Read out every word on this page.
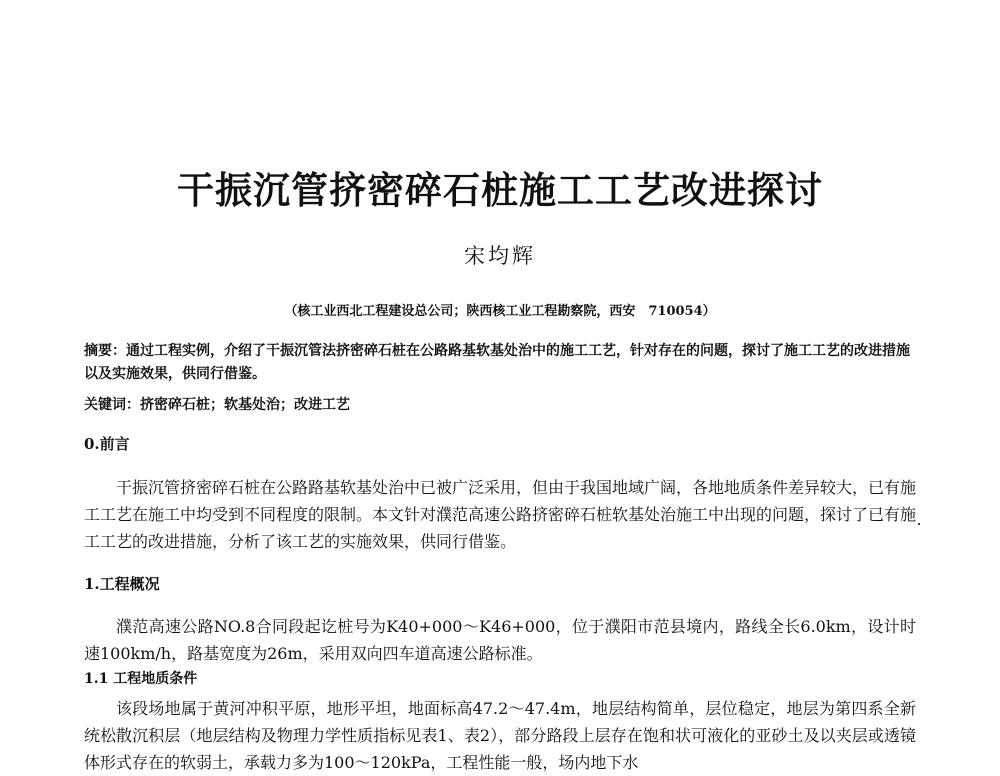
干振沉管挤密碎石桩施工工艺改进探讨
宋均辉
（核工业西北工程建设总公司；陕西核工业工程勘察院，西安　710054）
摘要：通过工程实例，介绍了干振沉管法挤密碎石桩在公路路基软基处治中的施工工艺，针对存在的问题，探讨了施工工艺的改进措施以及实施效果，供同行借鉴。
关键词：挤密碎石桩；软基处治；改进工艺
0.前言
干振沉管挤密碎石桩在公路路基软基处治中已被广泛采用，但由于我国地域广阔，各地地质条件差异较大，已有施工工艺在施工中均受到不同程度的限制。本文针对濮范高速公路挤密碎石桩软基处治施工中出现的问题，探讨了已有施工工艺的改进措施，分析了该工艺的实施效果，供同行借鉴。
1.工程概况
濮范高速公路NO.8合同段起讫桩号为K40+000～K46+000，位于濮阳市范县境内，路线全长6.0km，设计时速100km/h，路基宽度为26m，采用双向四车道高速公路标准。
1.1 工程地质条件
该段场地属于黄河冲积平原，地形平坦，地面标高47.2～47.4m，地层结构简单，层位稳定，地层为第四系全新统松散沉积层（地层结构及物理力学性质指标见表1、表2），部分路段上层存在饱和状可液化的亚砂土及以夹层或透镜体形式存在的软弱土，承载力多为100～120kPa，工程性能一般，场内地下水
